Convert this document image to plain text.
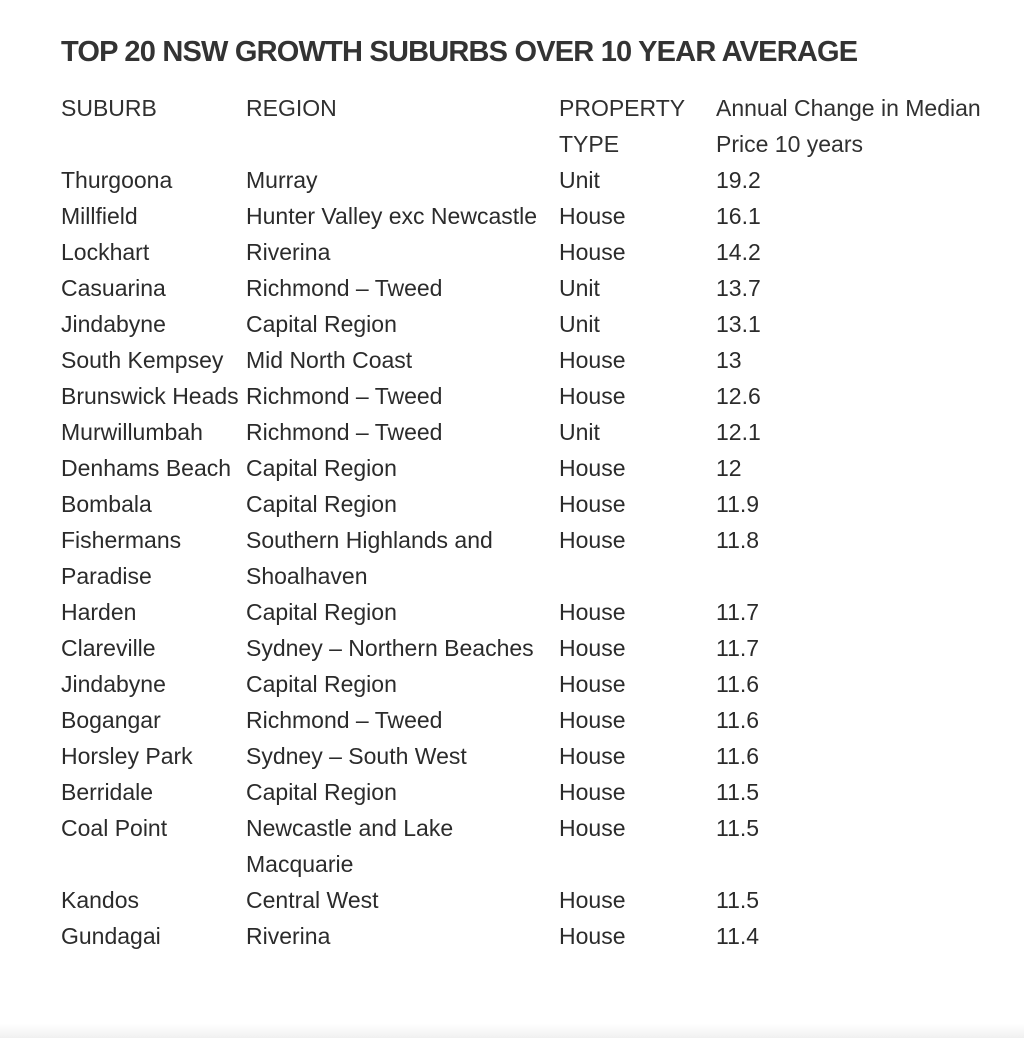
TOP 20 NSW GROWTH SUBURBS OVER 10 YEAR AVERAGE
SUBURB	REGION	PROPERTY TYPE	Annual Change in Median Price 10 years
Thurgoona	Murray	Unit	19.2
Millfield	Hunter Valley exc Newcastle	House	16.1
Lockhart	Riverina	House	14.2
Casuarina	Richmond – Tweed	Unit	13.7
Jindabyne	Capital Region	Unit	13.1
South Kempsey	Mid North Coast	House	13
Brunswick Heads	Richmond – Tweed	House	12.6
Murwillumbah	Richmond – Tweed	Unit	12.1
Denhams Beach	Capital Region	House	12
Bombala	Capital Region	House	11.9
Fishermans Paradise	Southern Highlands and Shoalhaven	House	11.8
Harden	Capital Region	House	11.7
Clareville	Sydney – Northern Beaches	House	11.7
Jindabyne	Capital Region	House	11.6
Bogangar	Richmond – Tweed	House	11.6
Horsley Park	Sydney – South West	House	11.6
Berridale	Capital Region	House	11.5
Coal Point	Newcastle and Lake Macquarie	House	11.5
Kandos	Central West	House	11.5
Gundagai	Riverina	House	11.4
